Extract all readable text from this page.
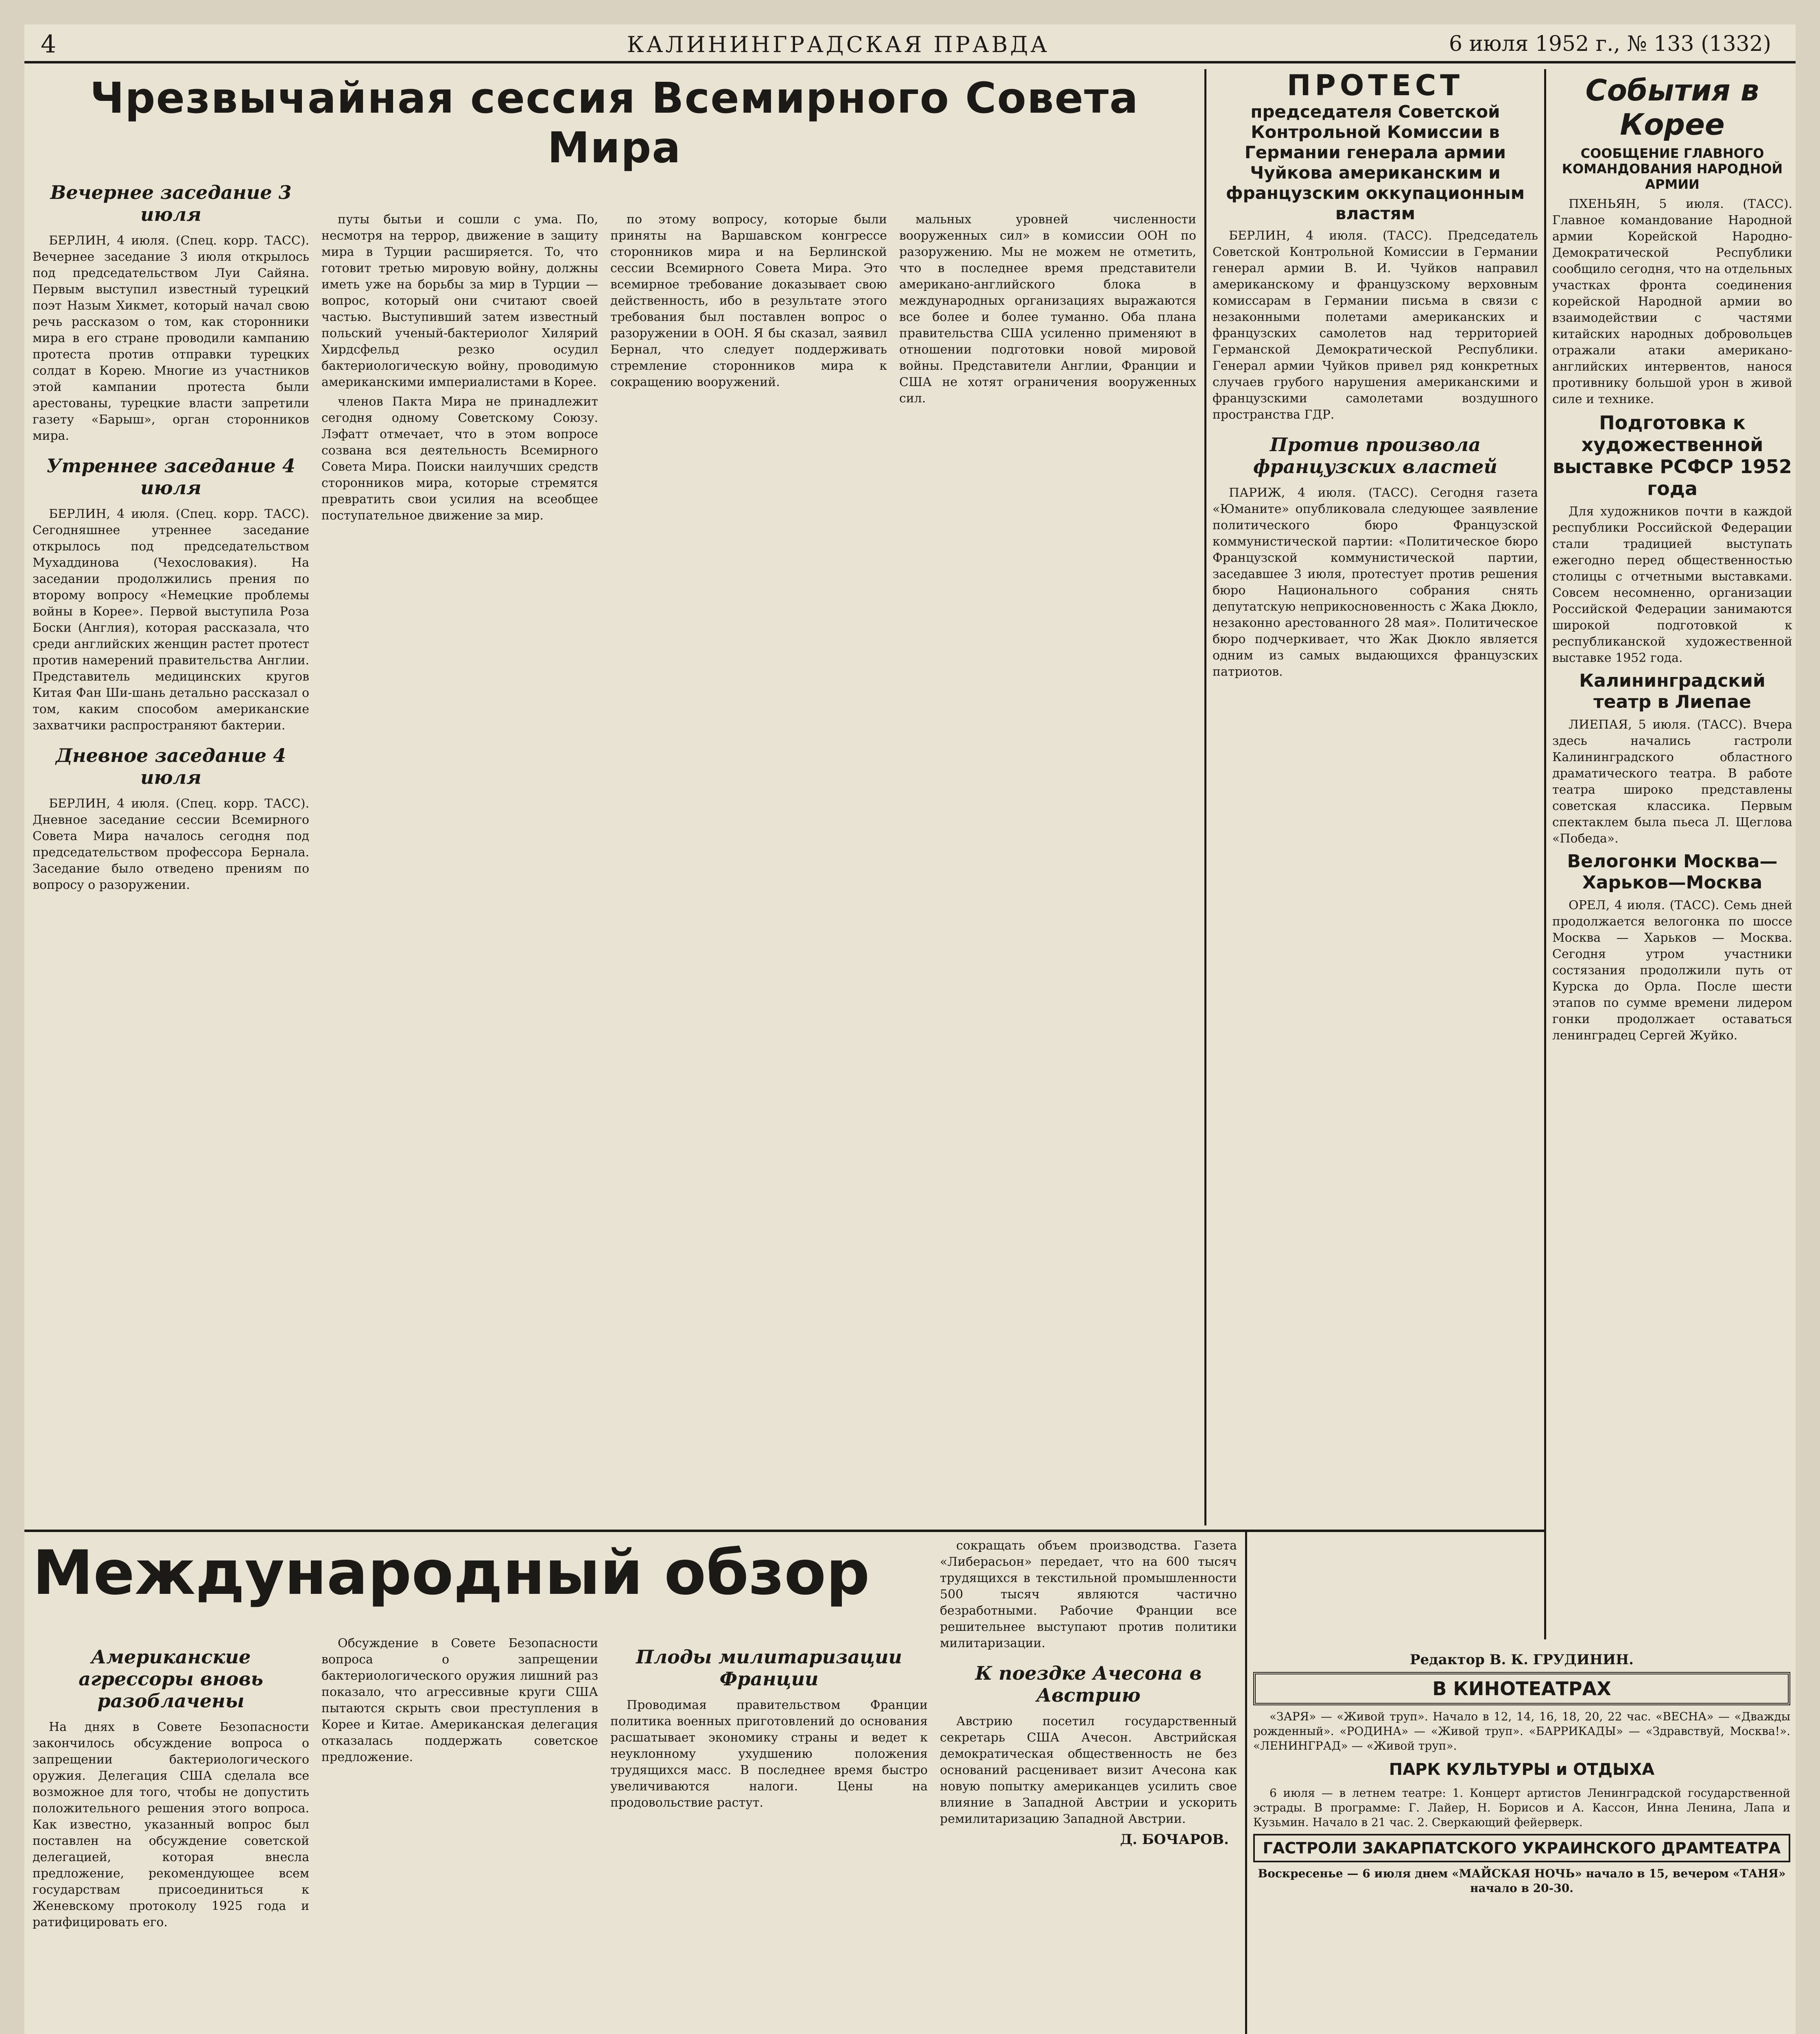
4	КАЛИНИНГРАДСКАЯ ПРАВДА	6 июля 1952 г., № 133 (1332)
Чрезвычайная сессия Всемирного Совета Мира
Вечернее заседание 3 июля

БЕРЛИН, 4 июля. (Спец. корр. ТАСС). Вечернее заседание 3 июля открылось под председательством Луи Сайяна. Первым выступил известный турецкий поэт Назым Хикмет, который начал свою речь рассказом о том, как сторонники мира в его стране проводили кампанию протеста против отправки турецких солдат в Корею. Многие из участников этой кампании протеста были арестованы, турецкие власти запретили газету «Барыш», орган сторонников мира.

Утреннее заседание 4 июля

БЕРЛИН, 4 июля. (Спец. корр. ТАСС). Сегодняшнее утреннее заседание открылось под председательством Мухаддинова (Чехословакия). На заседании продолжились прения по второму вопросу «Немецкие проблемы войны в Корее». Первой выступила Роза Боски (Англия), которая рассказала, что среди английских женщин растет протест против намерений правительства Англии. Представитель медицинских кругов Китая Фан Ши-шань детально рассказал о том, каким способом американские захватчики распространяют бактерии.

Дневное заседание 4 июля

БЕРЛИН, 4 июля. (Спец. корр. ТАСС). Дневное заседание сессии Всемирного Совета Мира началось сегодня под председательством профессора Бернала. Заседание было отведено прениям по вопросу о разоружении.

путы бытьи и сошли с ума. По, несмотря на террор, движение в защиту мира в Турции расширяется. То, что готовит третью мировую войну, должны иметь уже на борьбы за мир в Турции — вопрос, который они считают своей частью. Выступивший затем известный польский ученый-бактериолог Хилярий Хирдсфельд резко осудил бактериологическую войну, проводимую американскими империалистами в Корее.

членов Пакта Мира не принадлежит сегодня одному Советскому Союзу. Лэфатт отмечает, что в этом вопросе созвана вся деятельность Всемирного Совета Мира. Поиски наилучших средств сторонников мира, которые стремятся превратить свои усилия на всеобщее поступательное движение за мир.

по этому вопросу, которые были приняты на Варшавском конгрессе сторонников мира и на Берлинской сессии Всемирного Совета Мира. Это всемирное требование доказывает свою действенность, ибо в результате этого требования был поставлен вопрос о разоружении в ООН. Я бы сказал, заявил Бернал, что следует поддерживать стремление сторонников мира к сокращению вооружений.

мальных уровней численности вооруженных сил» в комиссии ООН по разоружению. Мы не можем не отметить, что в последнее время представители американо-английского блока в международных организациях выражаются все более и более туманно. Оба плана правительства США усиленно применяют в отношении подготовки новой мировой войны. Представители Англии, Франции и США не хотят ограничения вооруженных сил.

ПРОТЕСТ
председателя Советской Контрольной Комиссии в Германии генерала армии Чуйкова американским и французским оккупационным властям

БЕРЛИН, 4 июля. (ТАСС). Председатель Советской Контрольной Комиссии в Германии генерал армии В. И. Чуйков направил американскому и французскому верховным комиссарам в Германии письма в связи с незаконными полетами американских и французских самолетов над территорией Германской Демократической Республики. Генерал армии Чуйков привел ряд конкретных случаев грубого нарушения американскими и французскими самолетами воздушного пространства ГДР.

Против произвола французских властей

ПАРИЖ, 4 июля. (ТАСС). Сегодня газета «Юманите» опубликовала следующее заявление политического бюро Французской коммунистической партии: «Политическое бюро Французской коммунистической партии, заседавшее 3 июля, протестует против решения бюро Национального собрания снять депутатскую неприкосновенность с Жака Дюкло, незаконно арестованного 28 мая». Политическое бюро подчеркивает, что Жак Дюкло является одним из самых выдающихся французских патриотов.

События в Корее
СООБЩЕНИЕ ГЛАВНОГО КОМАНДОВАНИЯ НАРОДНОЙ АРМИИ

ПХЕНЬЯН, 5 июля. (ТАСС). Главное командование Народной армии Корейской Народно-Демократической Республики сообщило сегодня, что на отдельных участках фронта соединения корейской Народной армии во взаимодействии с частями китайских народных добровольцев отражали атаки американо-английских интервентов, нанося противнику большой урон в живой силе и технике.

Подготовка к художественной выставке РСФСР 1952 года

Для художников почти в каждой республики Российской Федерации стали традицией выступать ежегодно перед общественностью столицы с отчетными выставками. Совсем несомненно, организации Российской Федерации занимаются широкой подготовкой к республиканской художественной выставке 1952 года.

Калининградский театр в Лиепае

ЛИЕПАЯ, 5 июля. (ТАСС). Вчера здесь начались гастроли Калининградского областного драматического театра. В работе театра широко представлены советская классика. Первым спектаклем была пьеса Л. Щеглова «Победа».

Велогонки Москва— Харьков—Москва

ОРЕЛ, 4 июля. (ТАСС). Семь дней продолжается велогонка по шоссе Москва — Харьков — Москва. Сегодня утром участники состязания продолжили путь от Курска до Орла. После шести этапов по сумме времени лидером гонки продолжает оставаться ленинградец Сергей Жуйко.

Международный обзор
Американские агрессоры вновь разоблачены

На днях в Совете Безопасности закончилось обсуждение вопроса о запрещении бактериологического оружия. Делегация США сделала все возможное для того, чтобы не допустить положительного решения этого вопроса. Как известно, указанный вопрос был поставлен на обсуждение советской делегацией, которая внесла предложение, рекомендующее всем государствам присоединиться к Женевскому протоколу 1925 года и ратифицировать его.

Обсуждение в Совете Безопасности вопроса о запрещении бактериологического оружия лишний раз показало, что агрессивные круги США пытаются скрыть свои преступления в Корее и Китае. Американская делегация отказалась поддержать советское предложение.

Плоды милитаризации Франции

Проводимая правительством Франции политика военных приготовлений до основания расшатывает экономику страны и ведет к неуклонному ухудшению положения трудящихся масс. В последнее время быстро увеличиваются налоги. Цены на продовольствие растут.

сокращать объем производства. Газета «Либерасьон» передает, что на 600 тысяч трудящихся в текстильной промышленности 500 тысяч являются частично безработными. Рабочие Франции все решительнее выступают против политики милитаризации.

К поездке Ачесона в Австрию

Австрию посетил государственный секретарь США Ачесон. Австрийская демократическая общественность не без оснований расценивает визит Ачесона как новую попытку американцев усилить свое влияние в Западной Австрии и ускорить ремилитаризацию Западной Австрии.

Д. БОЧАРОВ.
Редактор В. К. ГРУДИНИН.
В КИНОТЕАТРАХ

«ЗАРЯ» — «Живой труп». Начало в 12, 14, 16, 18, 20, 22 час. «ВЕСНА» — «Дважды рожденный». «РОДИНА» — «Живой труп». «БАРРИКАДЫ» — «Здравствуй, Москва!». «ЛЕНИНГРАД» — «Живой труп».

ПАРК КУЛЬТУРЫ и ОТДЫХА

6 июля — в летнем театре: 1. Концерт артистов Ленинградской государственной эстрады. В программе: Г. Лайер, Н. Борисов и А. Кассон, Инна Ленина, Лапа и Кузьмин. Начало в 21 час. 2. Сверкающий фейерверк.

ГАСТРОЛИ ЗАКАРПАТСКОГО УКРАИНСКОГО ДРАМТЕАТРА

Воскресенье — 6 июля днем «МАЙСКАЯ НОЧЬ» начало в 15, вечером «ТАНЯ» начало в 20-30.
